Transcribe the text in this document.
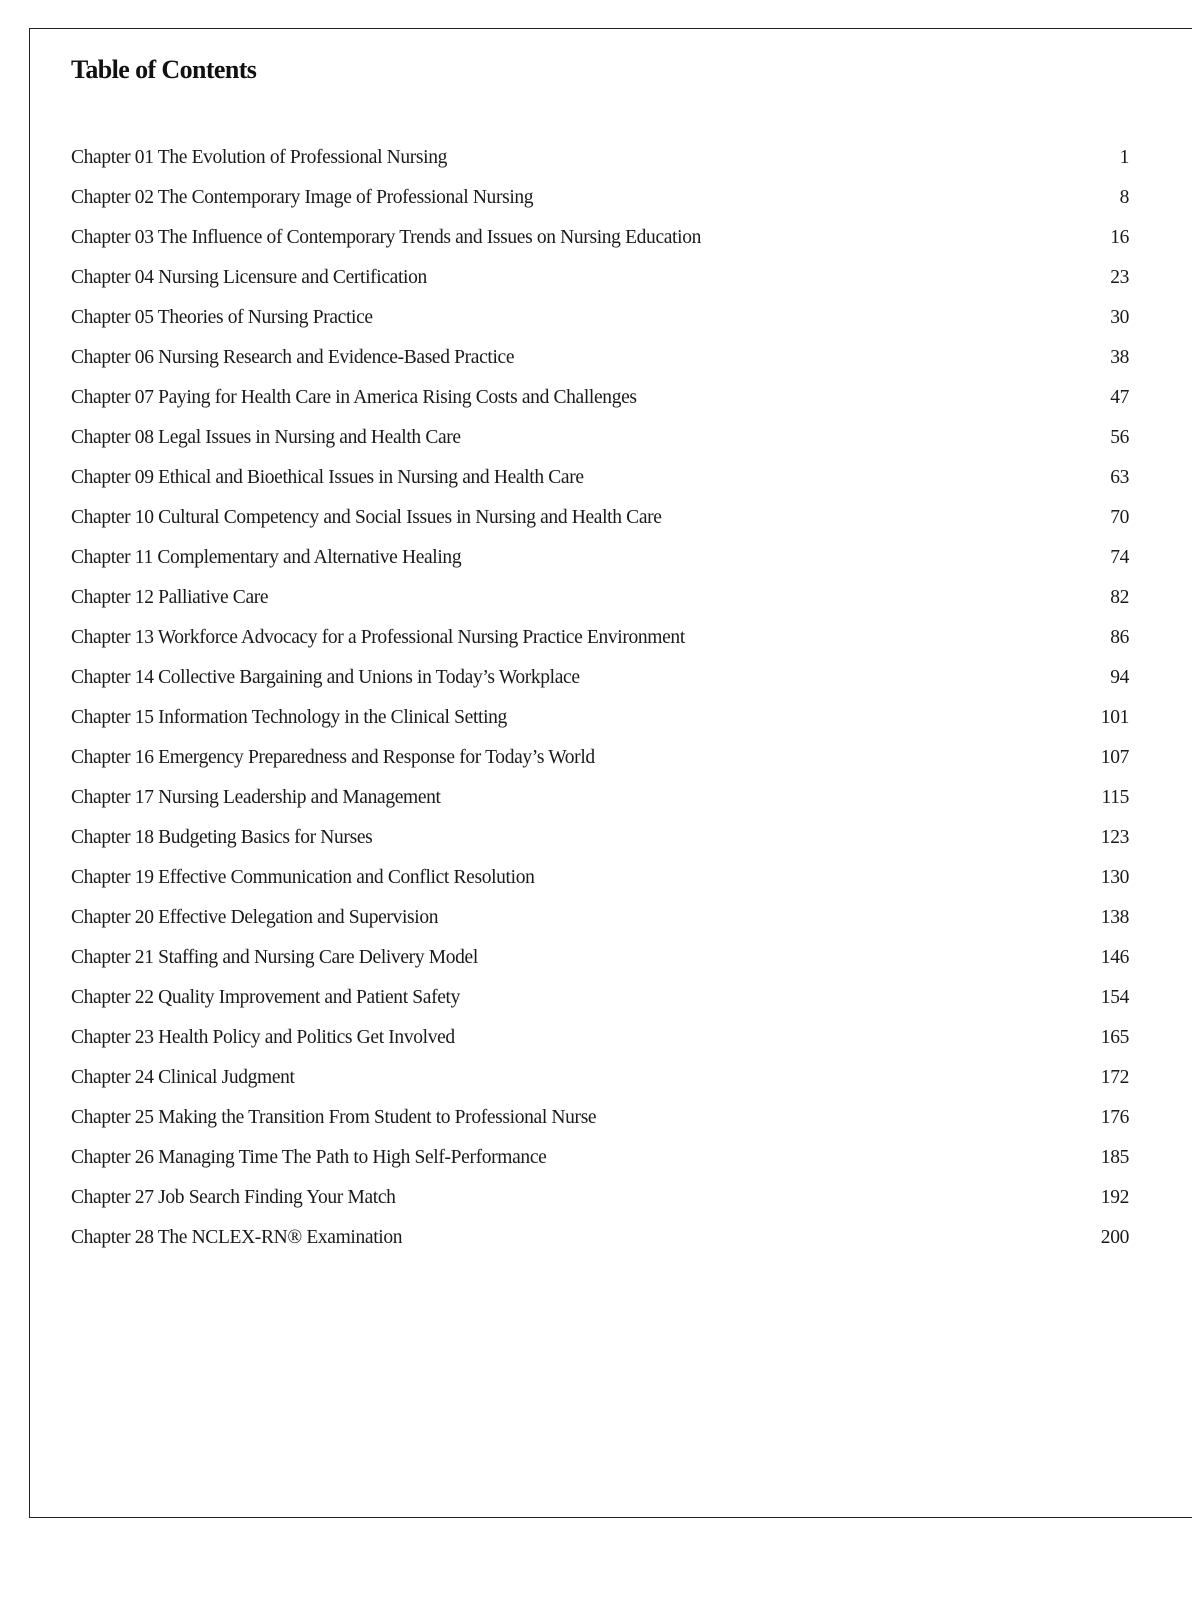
Table of Contents
Chapter 01 The Evolution of Professional Nursing	1
Chapter 02 The Contemporary Image of Professional Nursing	8
Chapter 03 The Influence of Contemporary Trends and Issues on Nursing Education	16
Chapter 04 Nursing Licensure and Certification	23
Chapter 05 Theories of Nursing Practice	30
Chapter 06 Nursing Research and Evidence-Based Practice	38
Chapter 07 Paying for Health Care in America Rising Costs and Challenges	47
Chapter 08 Legal Issues in Nursing and Health Care	56
Chapter 09 Ethical and Bioethical Issues in Nursing and Health Care	63
Chapter 10 Cultural Competency and Social Issues in Nursing and Health Care	70
Chapter 11 Complementary and Alternative Healing	74
Chapter 12 Palliative Care	82
Chapter 13 Workforce Advocacy for a Professional Nursing Practice Environment	86
Chapter 14 Collective Bargaining and Unions in Today’s Workplace	94
Chapter 15 Information Technology in the Clinical Setting	101
Chapter 16 Emergency Preparedness and Response for Today’s World	107
Chapter 17 Nursing Leadership and Management	115
Chapter 18 Budgeting Basics for Nurses	123
Chapter 19 Effective Communication and Conflict Resolution	130
Chapter 20 Effective Delegation and Supervision	138
Chapter 21 Staffing and Nursing Care Delivery Model	146
Chapter 22 Quality Improvement and Patient Safety	154
Chapter 23 Health Policy and Politics Get Involved	165
Chapter 24 Clinical Judgment	172
Chapter 25 Making the Transition From Student to Professional Nurse	176
Chapter 26 Managing Time The Path to High Self-Performance	185
Chapter 27 Job Search Finding Your Match	192
Chapter 28 The NCLEX-RN® Examination	200
